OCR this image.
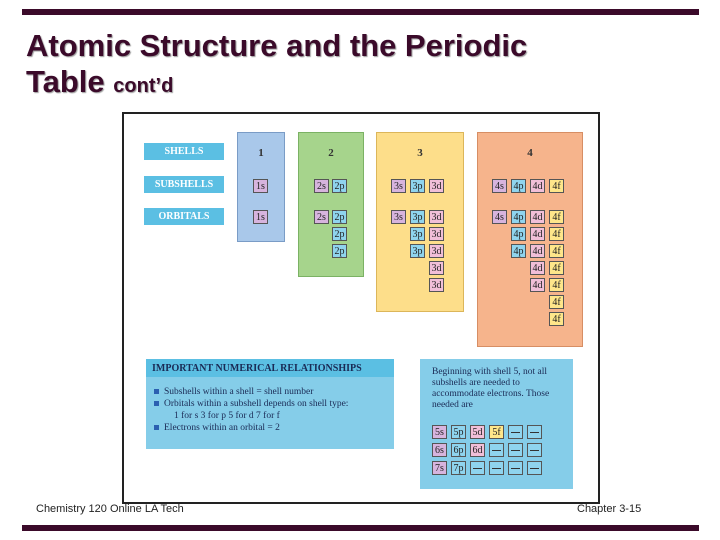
Atomic Structure and the Periodic
Table cont’d
SHELLS
SUBSHELLS
ORBITALS
1
1s
1s
2
2s 2p
2s 2p
2p
2p
3
3s 3p 3d
3s 3p
3p
3p
3d
3d
3d
3d
3d
4
4s 4p 4d 4f
4s 4p
4p
4p
4d
4d
4d
4d
4d
4f
4f
4f
4f
4f
4f
4f
IMPORTANT NUMERICAL RELATIONSHIPS
Subshells within a shell = shell number
Orbitals within a subshell depends on shell type:
1 for s 3 for p 5 for d 7 for f
Electrons within an orbital = 2
Beginning with shell 5, not all subshells are needed to accommodate electrons. Those needed are
5s 5p 5d 5f
6s 6p 6d
7s 7p
Chemistry 120 Online LA Tech	Chapter 3-15
